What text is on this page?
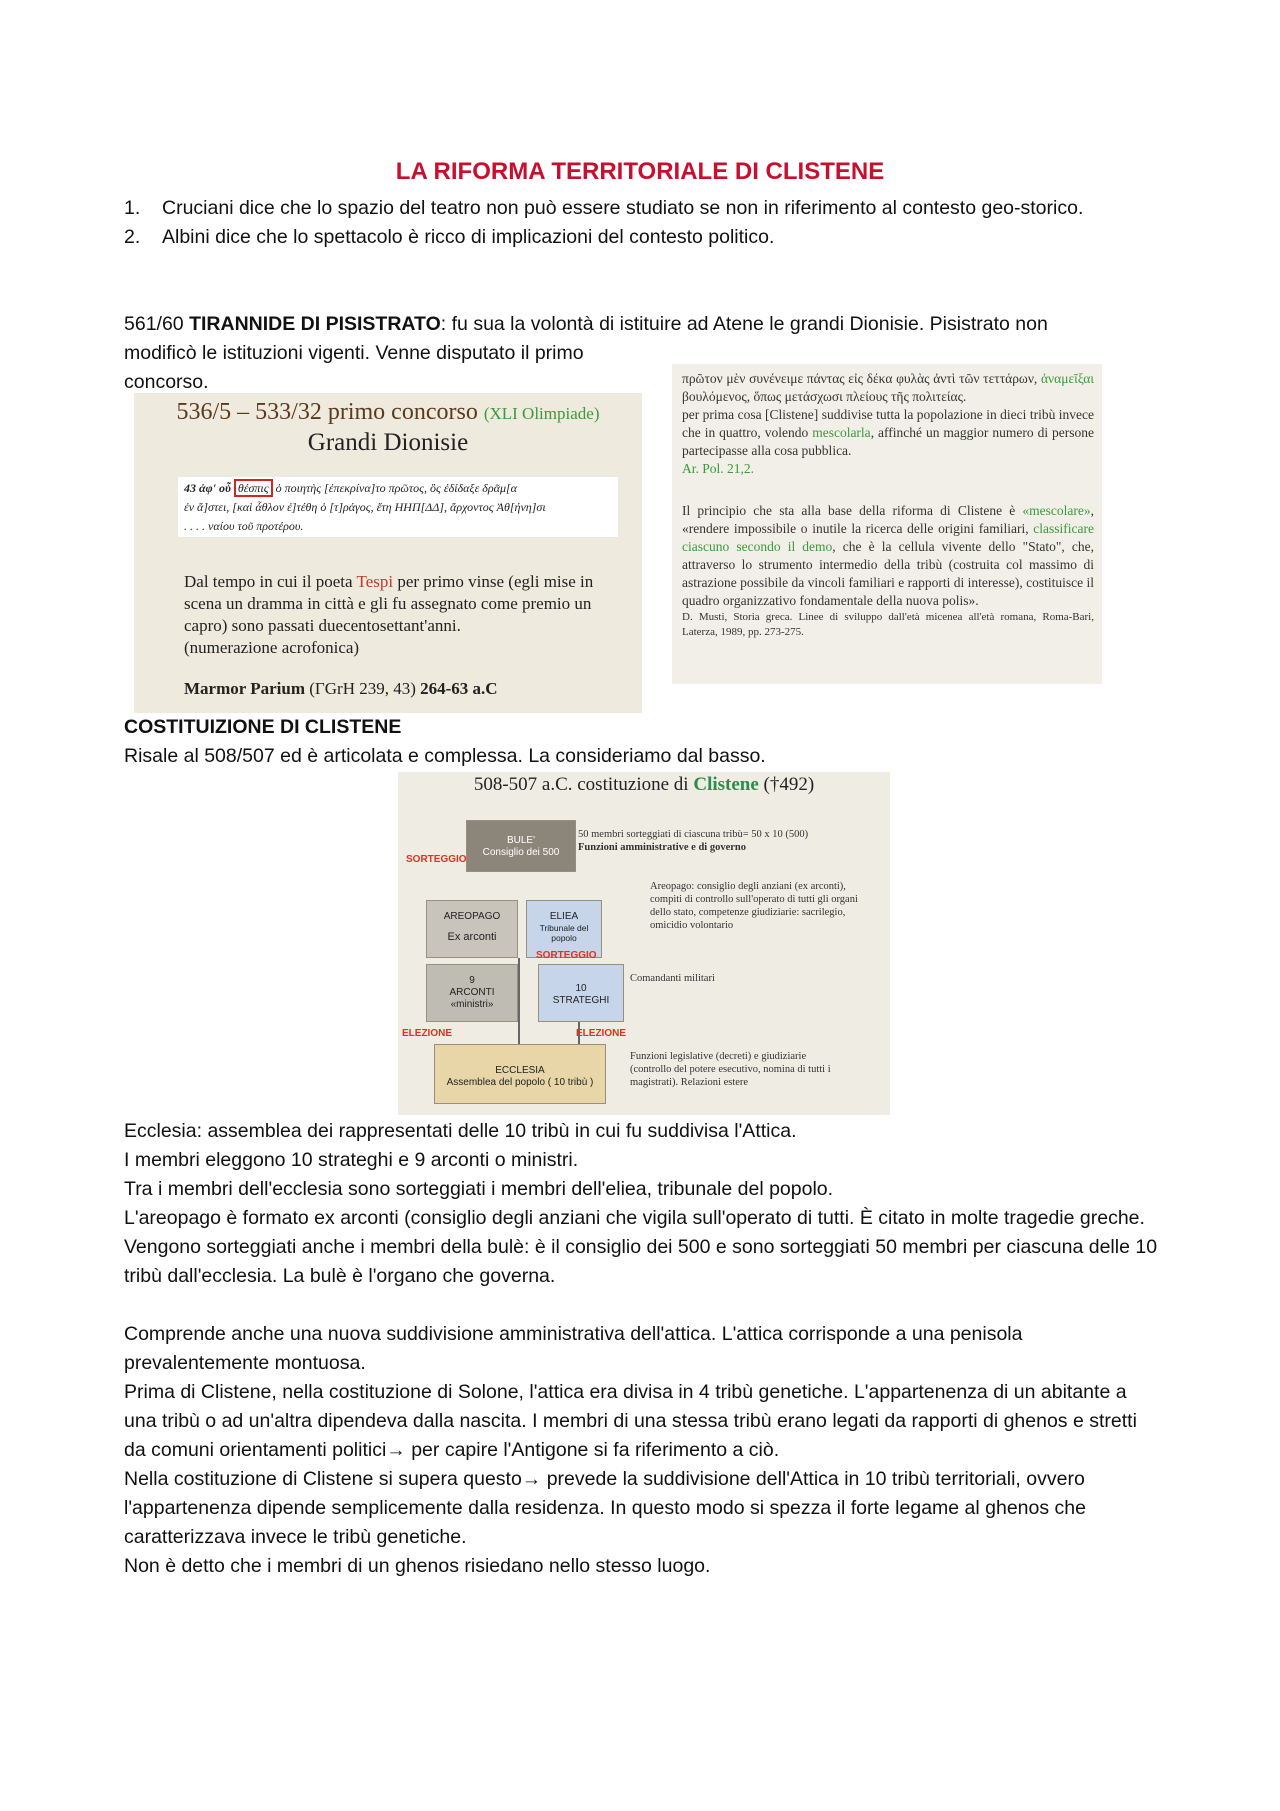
LA RIFORMA TERRITORIALE DI CLISTENE
1. Cruciani dice che lo spazio del teatro non può essere studiato se non in riferimento al contesto geo-storico.
2. Albini dice che lo spettacolo è ricco di implicazioni del contesto politico.
561/60 TIRANNIDE DI PISISTRATO: fu sua la volontà di istituire ad Atene le grandi Dionisie. Pisistrato non
modificò le istituzioni vigenti. Venne disputato il primo
concorso.
536/5 – 533/32 primo concorso (XLI Olimpiade)
Grandi Dionisie
43 ἀφ' οὗ θέσπις ὁ ποιητὴς [ἐπεκρίνα]το πρῶτος, ὃς ἐδίδαξε δρᾶμ[α
ἐν ἄ]στει, [καὶ ἆθλον ἐ]τέθη ὁ [τ]ράγος, ἔτη ΗΗΠ[ΔΔ], ἄρχοντος Ἀθ[ήνη]σι
. . . . ναίου τοῦ προτέρου.
Dal tempo in cui il poeta Tespi per primo vinse (egli mise in scena un dramma in città e gli fu assegnato come premio un capro) sono passati duecentosettant'anni.
(numerazione acrofonica)
Marmor Parium (ΓGrH 239, 43) 264-63 a.C

πρῶτον μὲν συνένειμε πάντας εἰς δέκα φυλὰς ἀντὶ τῶν τεττάρων, ἀναμεῖξαι βουλόμενος, ὅπως μετάσχωσι πλείους τῆς πολιτείας.

per prima cosa [Clistene] suddivise tutta la popolazione in dieci tribù invece che in quattro, volendo mescolarla, affinché un maggior numero di persone partecipasse alla cosa pubblica.

Ar. Pol. 21,2.

Il principio che sta alla base della riforma di Clistene è «mescolare», «rendere impossibile o inutile la ricerca delle origini familiari, classificare ciascuno secondo il demo, che è la cellula vivente dello "Stato", che, attraverso lo strumento intermedio della tribù (costruita col massimo di astrazione possibile da vincoli familiari e rapporti di interesse), costituisce il quadro organizzativo fondamentale della nuova polis».

D. Musti, Storia greca. Linee di sviluppo dall'età micenea all'età romana, Roma-Bari, Laterza, 1989, pp. 273-275.

COSTITUIZIONE DI CLISTENE
Risale al 508/507 ed è articolata e complessa. La consideriamo dal basso.
508-507 a.C. costituzione di Clistene (†492)
BULE'
Consiglio dei 500
AREOPAGO
Ex arconti
ELIEA
Tribunale del popolo
9
ARCONTI
«ministri»
10
STRATEGHI
ECCLESIA
Assemblea del popolo ( 10 tribù )
SORTEGGIO
SORTEGGIO
ELEZIONE	ELEZIONE
50 membri sorteggiati di ciascuna tribù= 50 x 10 (500)
Funzioni amministrative e di governo
Areopago: consiglio degli anziani (ex arconti), compiti di controllo sull'operato di tutti gli organi dello stato, competenze giudiziarie: sacrilegio, omicidio volontario
Comandanti militari
Funzioni legislative (decreti) e giudiziarie (controllo del potere esecutivo, nomina di tutti i magistrati). Relazioni estere
Ecclesia: assemblea dei rappresentati delle 10 tribù in cui fu suddivisa l'Attica.
I membri eleggono 10 strateghi e 9 arconti o ministri.
Tra i membri dell'ecclesia sono sorteggiati i membri dell'eliea, tribunale del popolo.
L'areopago è formato ex arconti (consiglio degli anziani che vigila sull'operato di tutti. È citato in molte tragedie greche.
Vengono sorteggiati anche i membri della bulè: è il consiglio dei 500 e sono sorteggiati 50 membri per ciascuna delle 10 tribù dall'ecclesia. La bulè è l'organo che governa.
Comprende anche una nuova suddivisione amministrativa dell'attica. L'attica corrisponde a una penisola prevalentemente montuosa.
Prima di Clistene, nella costituzione di Solone, l'attica era divisa in 4 tribù genetiche. L'appartenenza di un abitante a una tribù o ad un'altra dipendeva dalla nascita. I membri di una stessa tribù erano legati da rapporti di ghenos e stretti da comuni orientamenti politici→ per capire l'Antigone si fa riferimento a ciò.
Nella costituzione di Clistene si supera questo→ prevede la suddivisione dell'Attica in 10 tribù territoriali, ovvero l'appartenenza dipende semplicemente dalla residenza. In questo modo si spezza il forte legame al ghenos che caratterizzava invece le tribù genetiche.
Non è detto che i membri di un ghenos risiedano nello stesso luogo.
